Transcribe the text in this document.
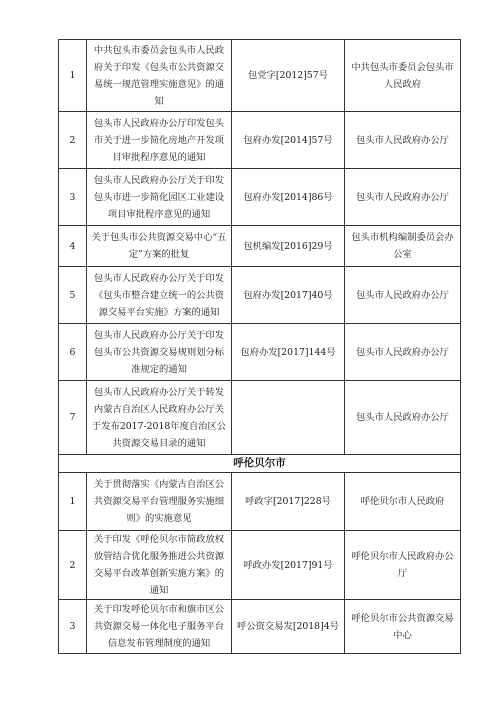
1	中共包头市委员会包头市人民政府关于印发《包头市公共资源交易统一规范管理实施意见》的通知	包党字[2012]57号	中共包头市委员会包头市人民政府
2	包头市人民政府办公厅印发包头市关于进一步简化房地产开发项目审批程序意见的通知	包府办发[2014]57号	包头市人民政府办公厅
3	包头市人民政府办公厅关于印发包头市进一步简化园区工业建设项目审批程序意见的通知	包府办发[2014]86号	包头市人民政府办公厅
4	关于包头市公共资源交易中心“五定”方案的批复	包机编发[2016]29号	包头市机构编制委员会办公室
5	包头市人民政府办公厅关于印发《包头市整合建立统一的公共资源交易平台实施》方案的通知	包府办发[2017]40号	包头市人民政府办公厅
6	包头市人民政府办公厅关于印发包头市公共资源交易规则划分标准规定的通知	包府办发[2017]144号	包头市人民政府办公厅
7	包头市人民政府办公厅关于转发内蒙古自治区人民政府办公厅关于发布2017-2018年度自治区公共资源交易目录的通知		包头市人民政府办公厅
呼伦贝尔市			
1	关于贯彻落实《内蒙古自治区公共资源交易平台管理服务实施细则》的实施意见	呼政字[2017]228号	呼伦贝尔市人民政府
2	关于印发《呼伦贝尔市简政放权放管结合优化服务推进公共资源交易平台改革创新实施方案》的通知	呼政办发[2017]91号	呼伦贝尔市人民政府办公厅
3	关于印发呼伦贝尔市和旗市区公共资源交易一体化电子服务平台信息发布管理制度的通知	呼公资交易发[2018]4号	呼伦贝尔市公共资源交易中心
